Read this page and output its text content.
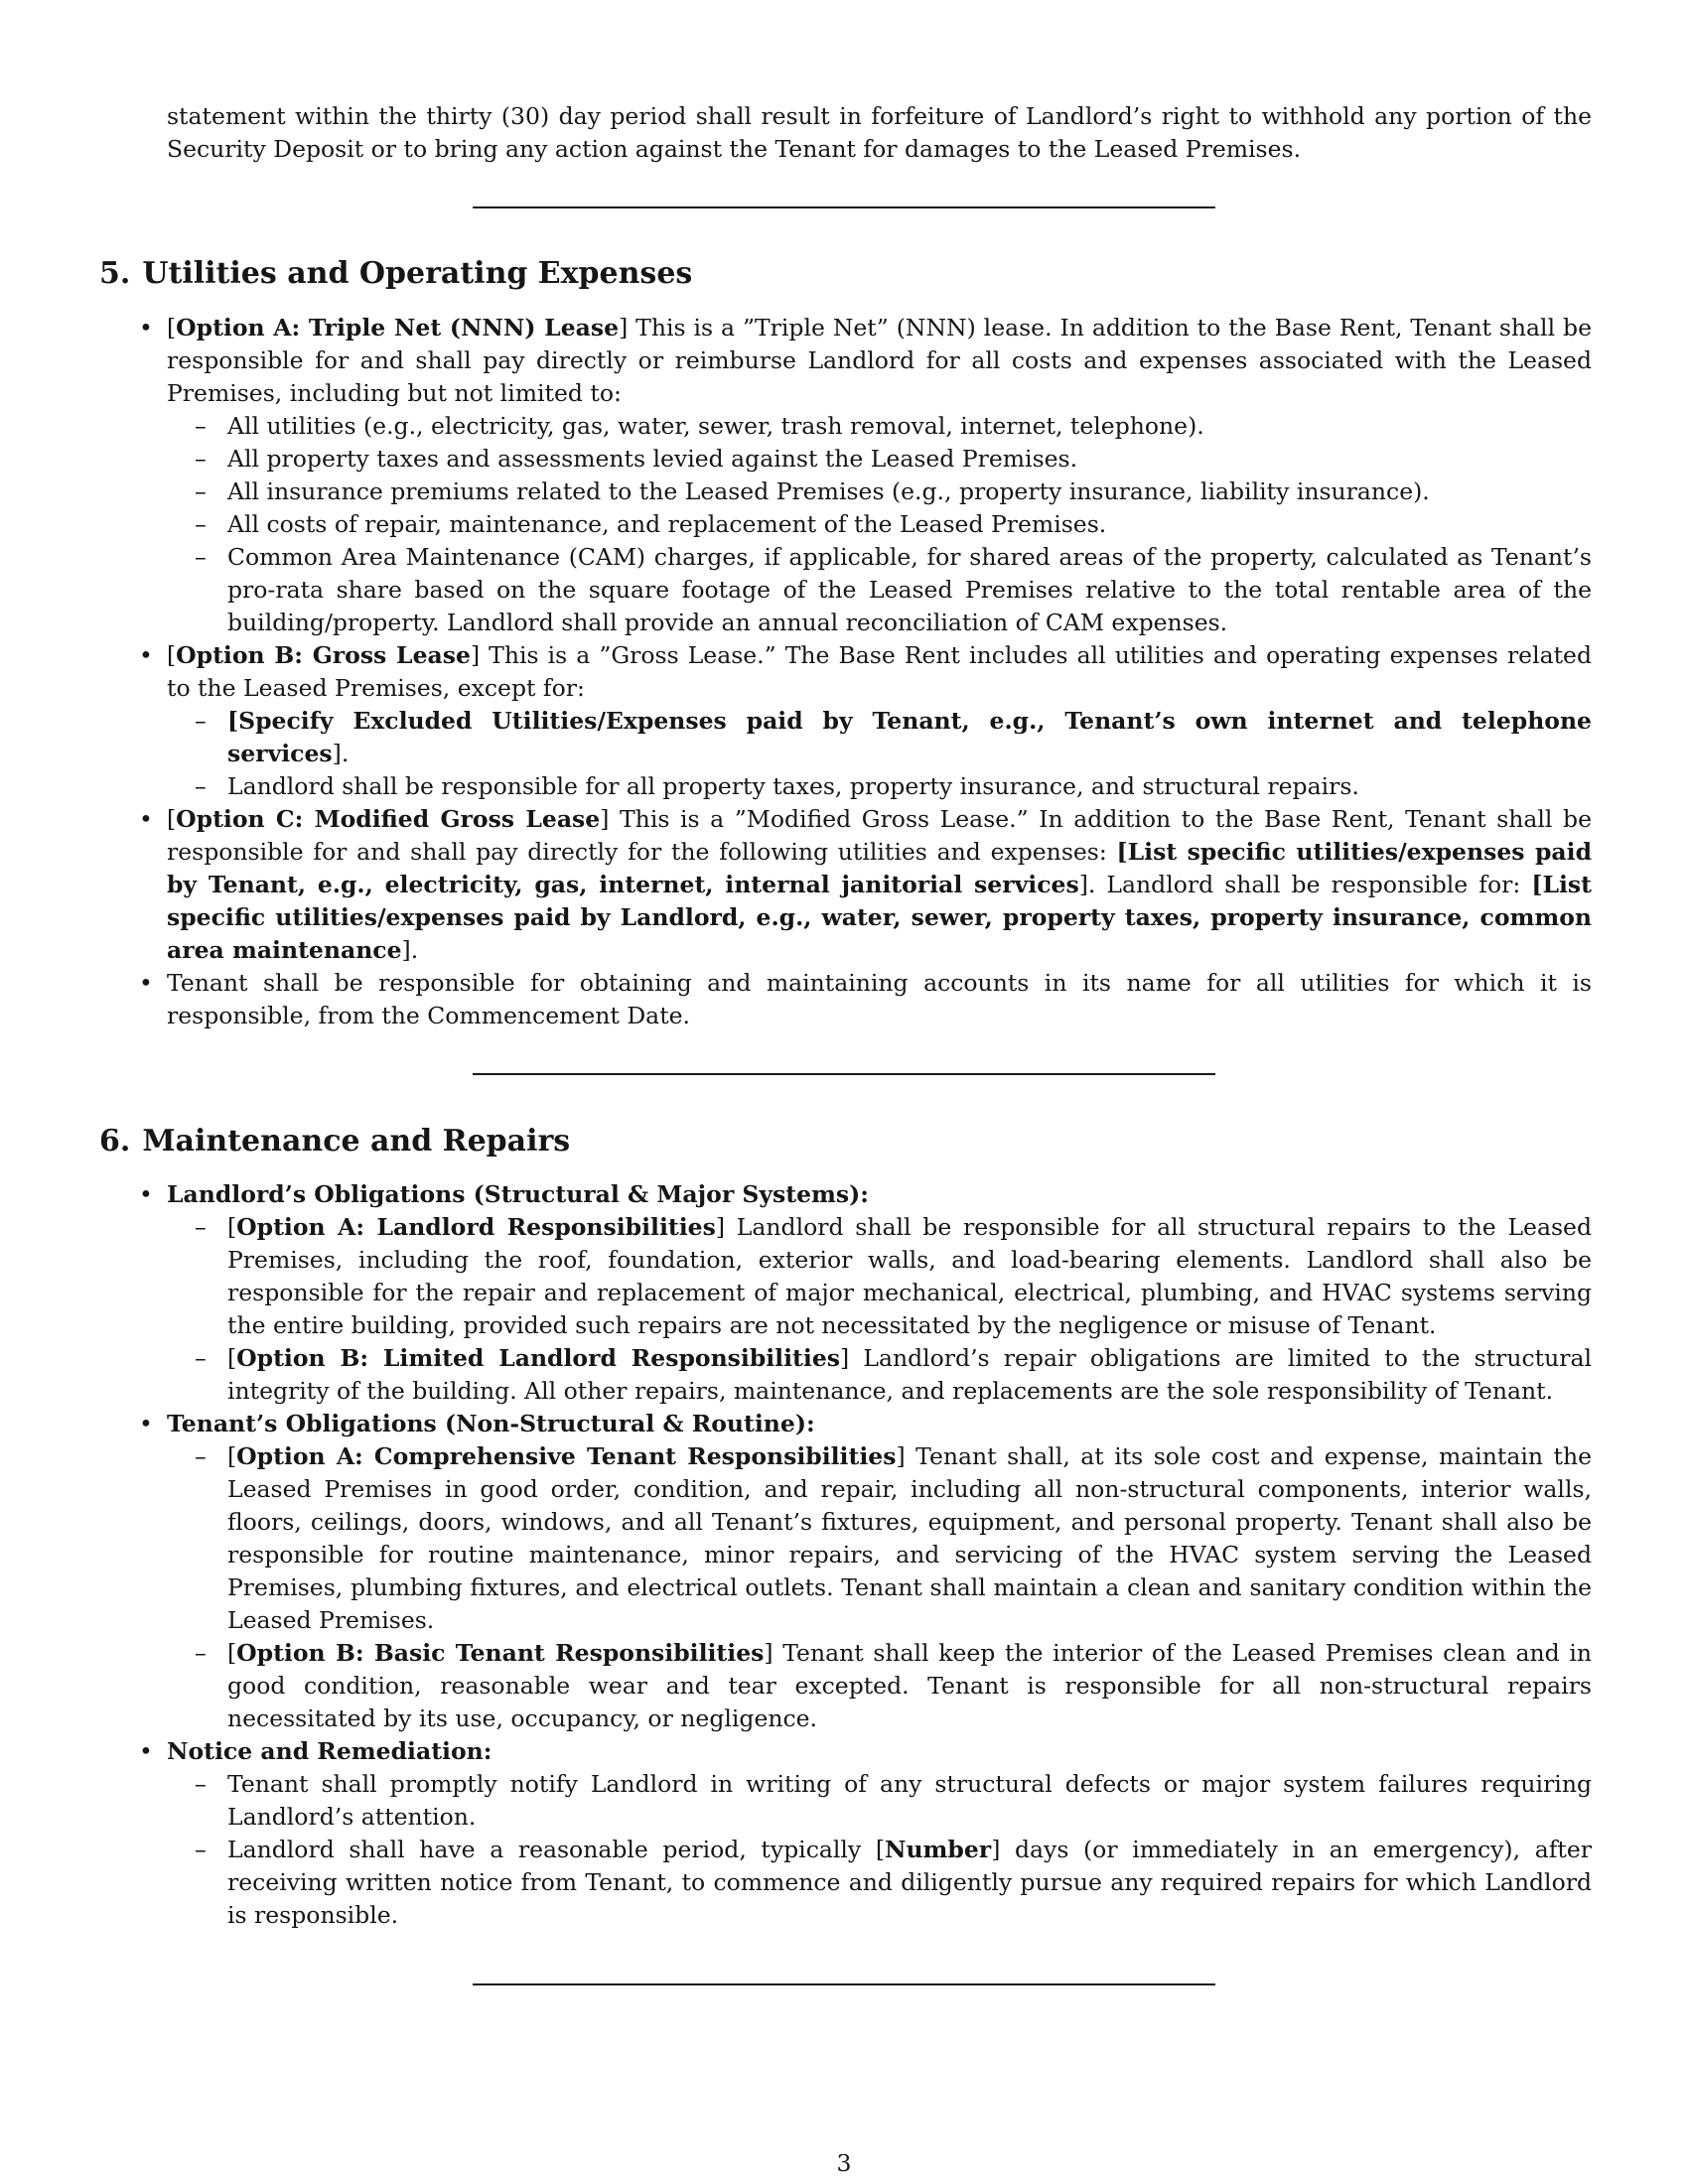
statement within the thirty (30) day period shall result in forfeiture of Landlord’s right to withhold any portion of the Security Deposit or to bring any action against the Tenant for damages to the Leased Premises.

5. Utilities and Operating Expenses
• [Option A: Triple Net (NNN) Lease] This is a ”Triple Net” (NNN) lease. In addition to the Base Rent, Tenant shall be responsible for and shall pay directly or reimburse Landlord for all costs and expenses associated with the Leased Premises, including but not limited to:
– All utilities (e.g., electricity, gas, water, sewer, trash removal, internet, telephone).
– All property taxes and assessments levied against the Leased Premises.
– All insurance premiums related to the Leased Premises (e.g., property insurance, liability insurance).
– All costs of repair, maintenance, and replacement of the Leased Premises.
– Common Area Maintenance (CAM) charges, if applicable, for shared areas of the property, calculated as Tenant’s pro-rata share based on the square footage of the Leased Premises relative to the total rentable area of the building/property. Landlord shall provide an annual reconciliation of CAM expenses.
• [Option B: Gross Lease] This is a ”Gross Lease.” The Base Rent includes all utilities and operating expenses related to the Leased Premises, except for:
– [Specify Excluded Utilities/Expenses paid by Tenant, e.g., Tenant’s own internet and telephone services].
– Landlord shall be responsible for all property taxes, property insurance, and structural repairs.
• [Option C: Modified Gross Lease] This is a ”Modified Gross Lease.” In addition to the Base Rent, Tenant shall be responsible for and shall pay directly for the following utilities and expenses: [List specific utilities/expenses paid by Tenant, e.g., electricity, gas, internet, internal janitorial services]. Landlord shall be responsible for: [List specific utilities/expenses paid by Landlord, e.g., water, sewer, property taxes, property insurance, common area maintenance].
• Tenant shall be responsible for obtaining and maintaining accounts in its name for all utilities for which it is responsible, from the Commencement Date.
6. Maintenance and Repairs
• Landlord’s Obligations (Structural & Major Systems):
– [Option A: Landlord Responsibilities] Landlord shall be responsible for all structural repairs to the Leased Premises, including the roof, foundation, exterior walls, and load-bearing elements. Landlord shall also be responsible for the repair and replacement of major mechanical, electrical, plumbing, and HVAC systems serving the entire building, provided such repairs are not necessitated by the negligence or misuse of Tenant.
– [Option B: Limited Landlord Responsibilities] Landlord’s repair obligations are limited to the structural integrity of the building. All other repairs, maintenance, and replacements are the sole responsibility of Tenant.
• Tenant’s Obligations (Non-Structural & Routine):
– [Option A: Comprehensive Tenant Responsibilities] Tenant shall, at its sole cost and expense, maintain the Leased Premises in good order, condition, and repair, including all non-structural components, interior walls, floors, ceilings, doors, windows, and all Tenant’s fixtures, equipment, and personal property. Tenant shall also be responsible for routine maintenance, minor repairs, and servicing of the HVAC system serving the Leased Premises, plumbing fixtures, and electrical outlets. Tenant shall maintain a clean and sanitary condition within the Leased Premises.
– [Option B: Basic Tenant Responsibilities] Tenant shall keep the interior of the Leased Premises clean and in good condition, reasonable wear and tear excepted. Tenant is responsible for all non-structural repairs necessitated by its use, occupancy, or negligence.
• Notice and Remediation:
– Tenant shall promptly notify Landlord in writing of any structural defects or major system failures requiring Landlord’s attention.
– Landlord shall have a reasonable period, typically [Number] days (or immediately in an emergency), after receiving written notice from Tenant, to commence and diligently pursue any required repairs for which Landlord is responsible.
3
